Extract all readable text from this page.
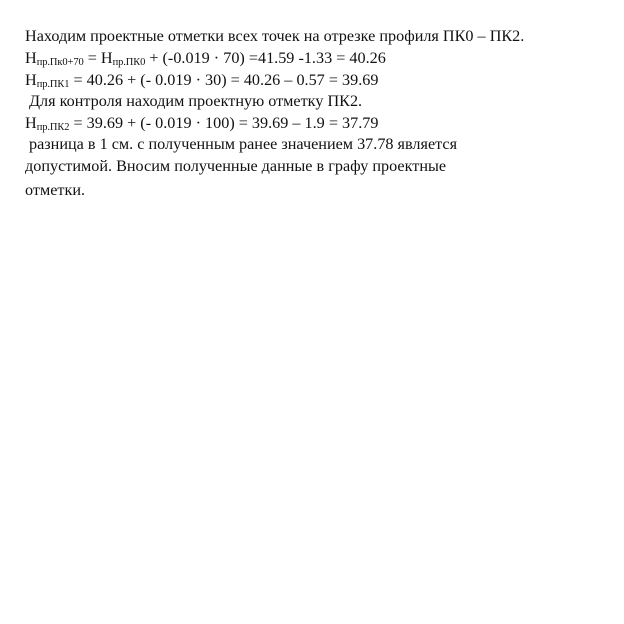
Находим проектные отметки всех точек на отрезке профиля ПК0 – ПК2.
Hпр.Пк0+70 = Hпр.ПК0 + (-0.019 · 70) =41.59 -1.33 = 40.26
Hпр.ПК1 = 40.26 + (- 0.019 · 30) = 40.26 – 0.57 = 39.69
Для контроля находим проектную отметку ПК2.
Hпр.ПК2 = 39.69 + (- 0.019 · 100) = 39.69 – 1.9 = 37.79
разница в 1 см. с полученным ранее значением 37.78 является
допустимой. Вносим полученные данные в графу проектные
отметки.
